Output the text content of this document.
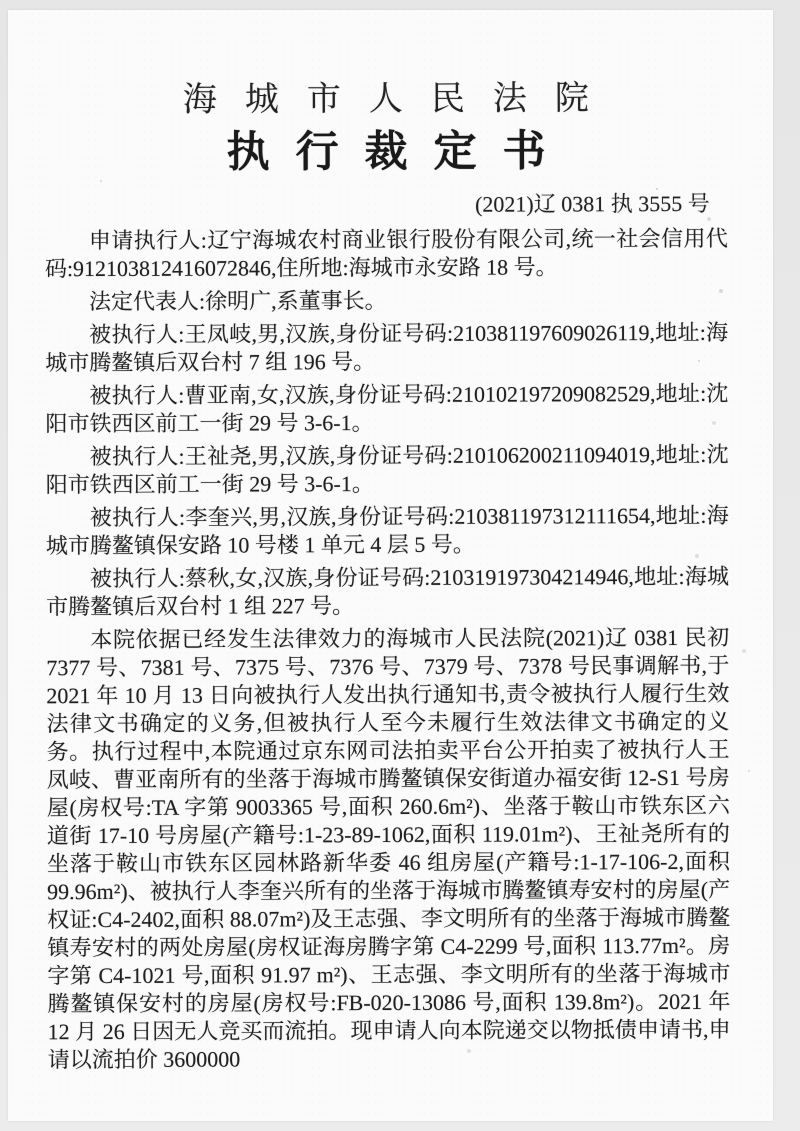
海城市人民法院
执行裁定书
(2021)辽 0381 执 3555 号

申请执行人:辽宁海城农村商业银行股份有限公司,统一社会信用代码:912103812416072846,住所地:海城市永安路 18 号。

法定代表人:徐明广,系董事长。

被执行人:王凤岐,男,汉族,身份证号码:210381197609026119,地址:海城市腾鳌镇后双台村 7 组 196 号。

被执行人:曹亚南,女,汉族,身份证号码:210102197209082529,地址:沈阳市铁西区前工一街 29 号 3-6-1。

被执行人:王祉尧,男,汉族,身份证号码:210106200211094019,地址:沈阳市铁西区前工一街 29 号 3-6-1。

被执行人:李奎兴,男,汉族,身份证号码:210381197312111654,地址:海城市腾鳌镇保安路 10 号楼 1 单元 4 层 5 号。

被执行人:蔡秋,女,汉族,身份证号码:210319197304214946,地址:海城市腾鳌镇后双台村 1 组 227 号。

本院依据已经发生法律效力的海城市人民法院(2021)辽 0381 民初 7377 号、7381 号、7375 号、7376 号、7379 号、7378 号民事调解书,于 2021 年 10 月 13 日向被执行人发出执行通知书,责令被执行人履行生效法律文书确定的义务,但被执行人至今未履行生效法律文书确定的义务。执行过程中,本院通过京东网司法拍卖平台公开拍卖了被执行人王凤岐、曹亚南所有的坐落于海城市腾鳌镇保安街道办福安街 12-S1 号房屋(房权号:TA 字第 9003365 号,面积 260.6m²)、坐落于鞍山市铁东区六道街 17-10 号房屋(产籍号:1-23-89-1062,面积 119.01m²)、王祉尧所有的坐落于鞍山市铁东区园林路新华委 46 组房屋(产籍号:1-17-106-2,面积 99.96m²)、被执行人李奎兴所有的坐落于海城市腾鳌镇寿安村的房屋(产权证:C4-2402,面积 88.07m²)及王志强、李文明所有的坐落于海城市腾鳌镇寿安村的两处房屋(房权证海房腾字第 C4-2299 号,面积 113.77m²。房字第 C4-1021 号,面积 91.97 m²)、王志强、李文明所有的坐落于海城市腾鳌镇保安村的房屋(房权号:FB-020-13086 号,面积 139.8m²)。2021 年 12 月 26 日因无人竞买而流拍。现申请人向本院递交以物抵债申请书,申请以流拍价 3600000
